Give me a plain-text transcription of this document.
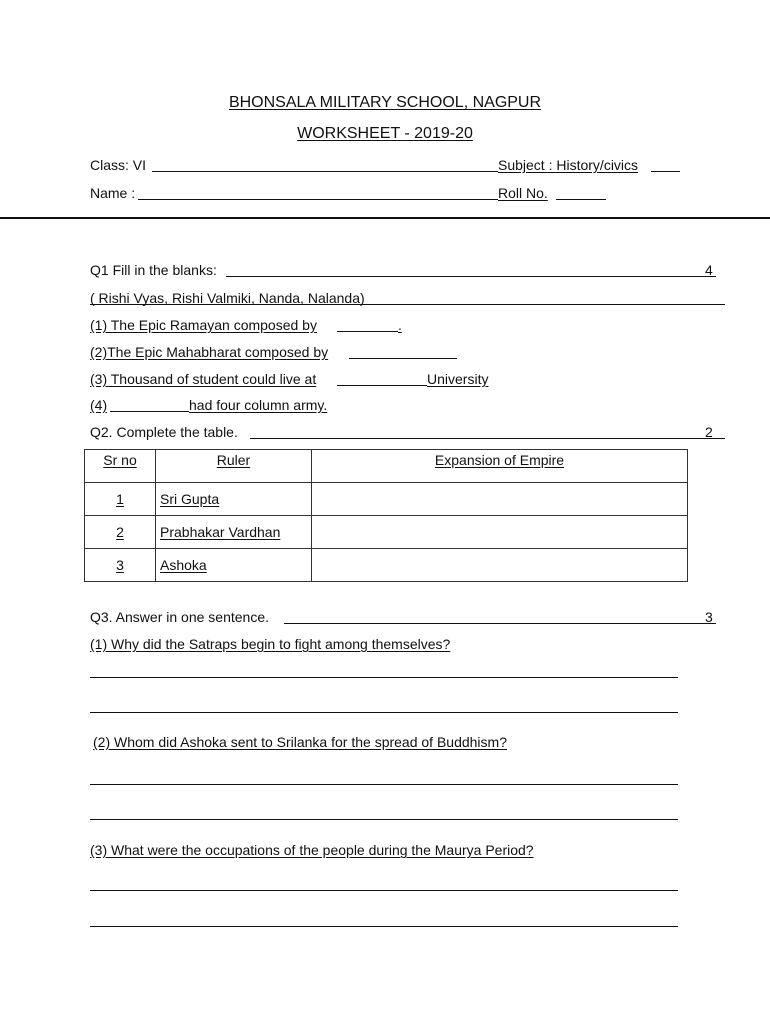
BHONSALA MILITARY SCHOOL, NAGPUR
WORKSHEET - 2019-20
Class: VI	Subject : History/civics
Name :	Roll No.
Q1 Fill in the blanks:	4
( Rishi Vyas, Rishi Valmiki, Nanda, Nalanda)
(1) The Epic Ramayan composed by	.
(2)The Epic Mahabharat composed by
(3) Thousand of student could live at	University
(4)	had four column army.
Q2. Complete the table.	2
Sr no	Ruler	Expansion of Empire
1	Sri Gupta	
2	Prabhakar Vardhan	
3	Ashoka	
Q3. Answer in one sentence.	3
(1) Why did the Satraps begin to fight among themselves?
(2) Whom did Ashoka sent to Srilanka for the spread of Buddhism?
(3) What were the occupations of the people during the Maurya Period?
